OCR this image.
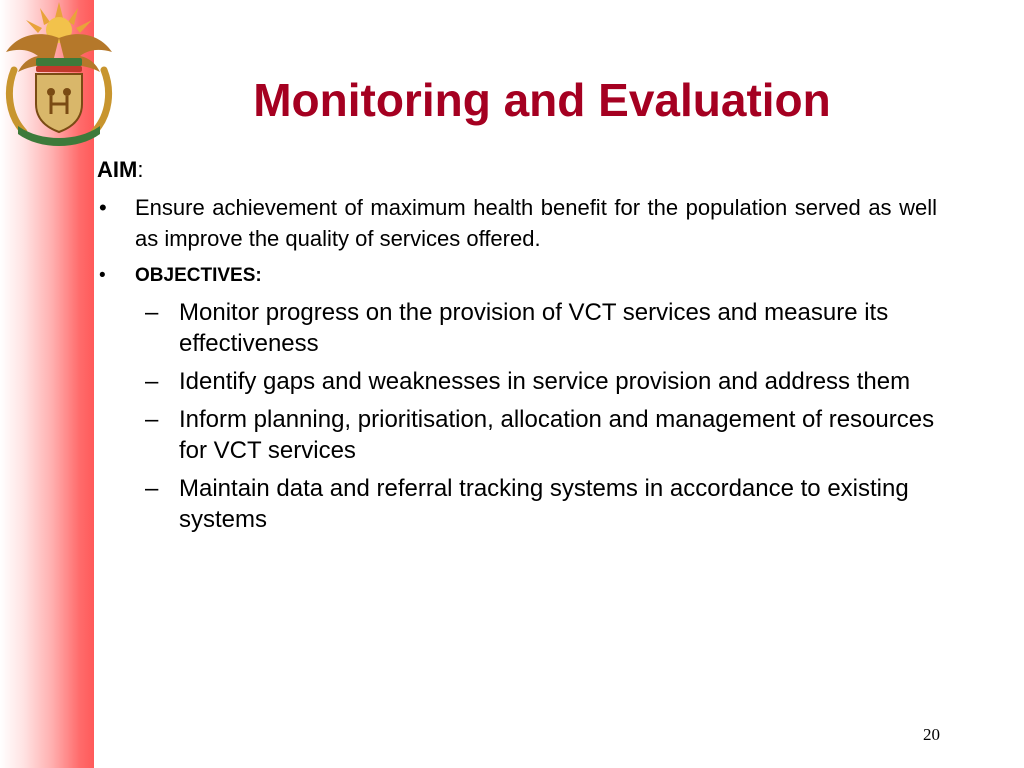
Monitoring and Evaluation
AIM:
• Ensure achievement of maximum health benefit for the population served as well as improve the quality of services offered.
• OBJECTIVES:
– Monitor progress on the provision of VCT services and measure its effectiveness
– Identify gaps and weaknesses in service provision and address them
– Inform planning, prioritisation, allocation and management of resources for VCT services
– Maintain data and referral tracking systems in accordance to existing systems
20
